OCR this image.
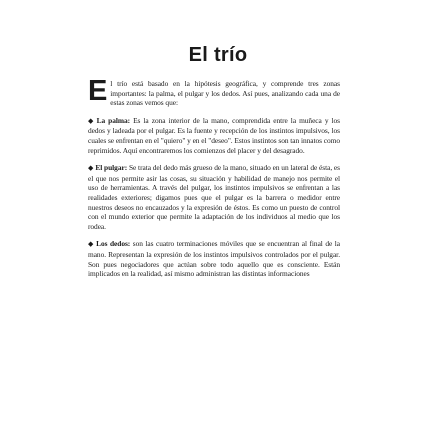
El trío

El trío está basado en la hipótesis geográfica, y comprende tres zonas importantes: la palma, el pulgar y los dedos. Así pues, analizando cada una de estas zonas vemos que:

◆ La palma: Es la zona interior de la mano, comprendida entre la muñeca y los dedos y ladeada por el pulgar. Es la fuente y recepción de los instintos impulsivos, los cuales se enfrentan en el "quiero" y en el "deseo". Estos instintos son tan innatos como reprimidos. Aquí encontraremos los comienzos del placer y del desagrado.

◆ El pulgar: Se trata del dedo más grueso de la mano, situado en un lateral de ésta, es el que nos permite asir las cosas, su situación y habilidad de manejo nos permite el uso de herramientas. A través del pulgar, los instintos impulsivos se enfrentan a las realidades exteriores; digamos pues que el pulgar es la barrera o medidor entre nuestros deseos no encauzados y la expresión de éstos. Es como un puesto de control con el mundo exterior que permite la adaptación de los individuos al medio que los rodea.

◆ Los dedos: son las cuatro terminaciones móviles que se encuentran al final de la mano. Representan la expresión de los instintos impulsivos controlados por el pulgar. Son pues negociadores que actúan sobre todo aquello que es consciente. Están implicados en la realidad, así mismo administran las distintas informaciones
